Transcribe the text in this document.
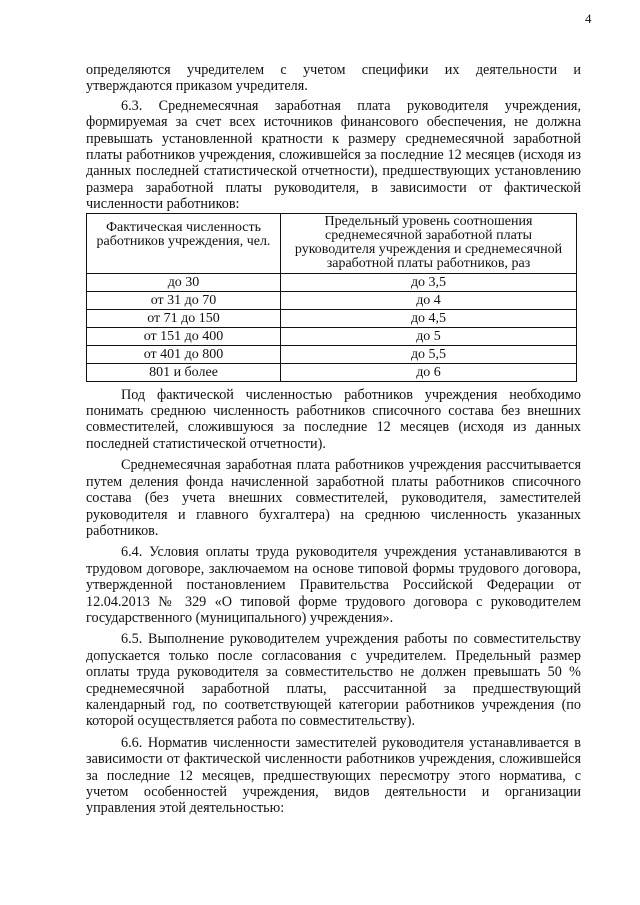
4

определяются учредителем с учетом специфики их деятельности и утверждаются приказом учредителя.

6.3. Среднемесячная заработная плата руководителя учреждения, формируемая за счет всех источников финансового обеспечения, не должна превышать установленной кратности к размеру среднемесячной заработной платы работников учреждения, сложившейся за последние 12 месяцев (исходя из данных последней статистической отчетности), предшествующих установлению размера заработной платы руководителя, в зависимости от фактической численности работников:

Фактическая численность работников учреждения, чел.	Предельный уровень соотношения среднемесячной заработной платы руководителя учреждения и среднемесячной заработной платы работников, раз
до 30	до 3,5
от 31 до 70	до 4
от 71 до 150	до 4,5
от 151 до 400	до 5
от 401 до 800	до 5,5
801 и более	до 6

Под фактической численностью работников учреждения необходимо понимать среднюю численность работников списочного состава без внешних совместителей, сложившуюся за последние 12 месяцев (исходя из данных последней статистической отчетности).

Среднемесячная заработная плата работников учреждения рассчитывается путем деления фонда начисленной заработной платы работников списочного состава (без учета внешних совместителей, руководителя, заместителей руководителя и главного бухгалтера) на среднюю численность указанных работников.

6.4. Условия оплаты труда руководителя учреждения устанавливаются в трудовом договоре, заключаемом на основе типовой формы трудового договора, утвержденной постановлением Правительства Российской Федерации от 12.04.2013 № 329 «О типовой форме трудового договора с руководителем государственного (муниципального) учреждения».

6.5. Выполнение руководителем учреждения работы по совместительству допускается только после согласования с учредителем. Предельный размер оплаты труда руководителя за совместительство не должен превышать 50 % среднемесячной заработной платы, рассчитанной за предшествующий календарный год, по соответствующей категории работников учреждения (по которой осуществляется работа по совместительству).

6.6. Норматив численности заместителей руководителя устанавливается в зависимости от фактической численности работников учреждения, сложившейся за последние 12 месяцев, предшествующих пересмотру этого норматива, с учетом особенностей учреждения, видов деятельности и организации управления этой деятельностью:
